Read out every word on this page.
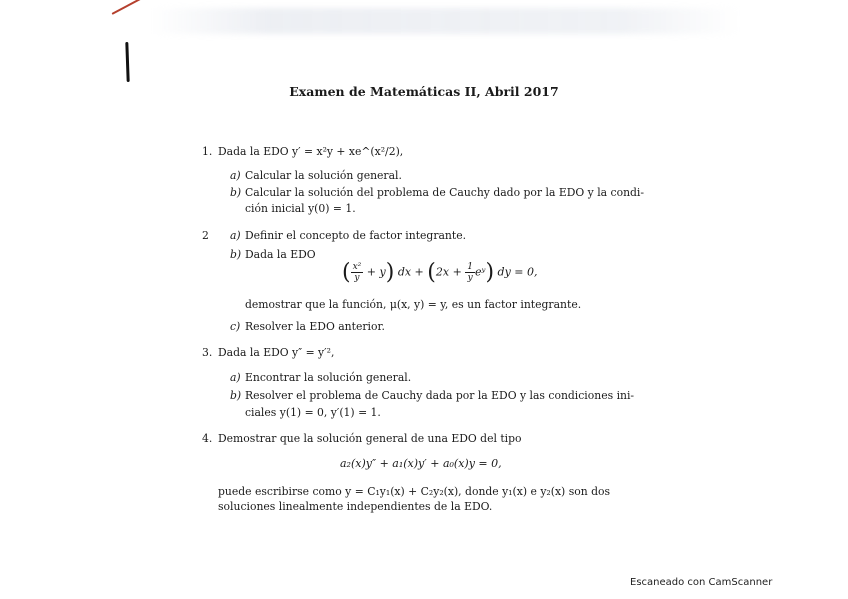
Examen de Matemáticas II, Abril 2017
1. Dada la EDO y′ = x²y + xe^(x²/2),
a) Calcular la solución general.
b) Calcular la solución del problema de Cauchy dado por la EDO y la condi-
ción inicial y(0) = 1.
2 a) Definir el concepto de factor integrante.
b) Dada la EDO
( $\frac{\text{x²}}{y} + y$) dx + ($2x + \frac{1}{y}$ eʸ) dy = 0,
demostrar que la función, μ(x, y) = y, es un factor integrante.
c) Resolver la EDO anterior.
3. Dada la EDO y″ = y′²,
a) Encontrar la solución general.
b) Resolver el problema de Cauchy dada por la EDO y las condiciones ini-
ciales y(1) = 0, y′(1) = 1.
4. Demostrar que la solución general de una EDO del tipo
a₂(x)y″ + a₁(x)y′ + a₀(x)y = 0,
puede escribirse como y = C₁y₁(x) + C₂y₂(x), donde y₁(x) e y₂(x) son dos
soluciones linealmente independientes de la EDO.
Escaneado con CamScanner
